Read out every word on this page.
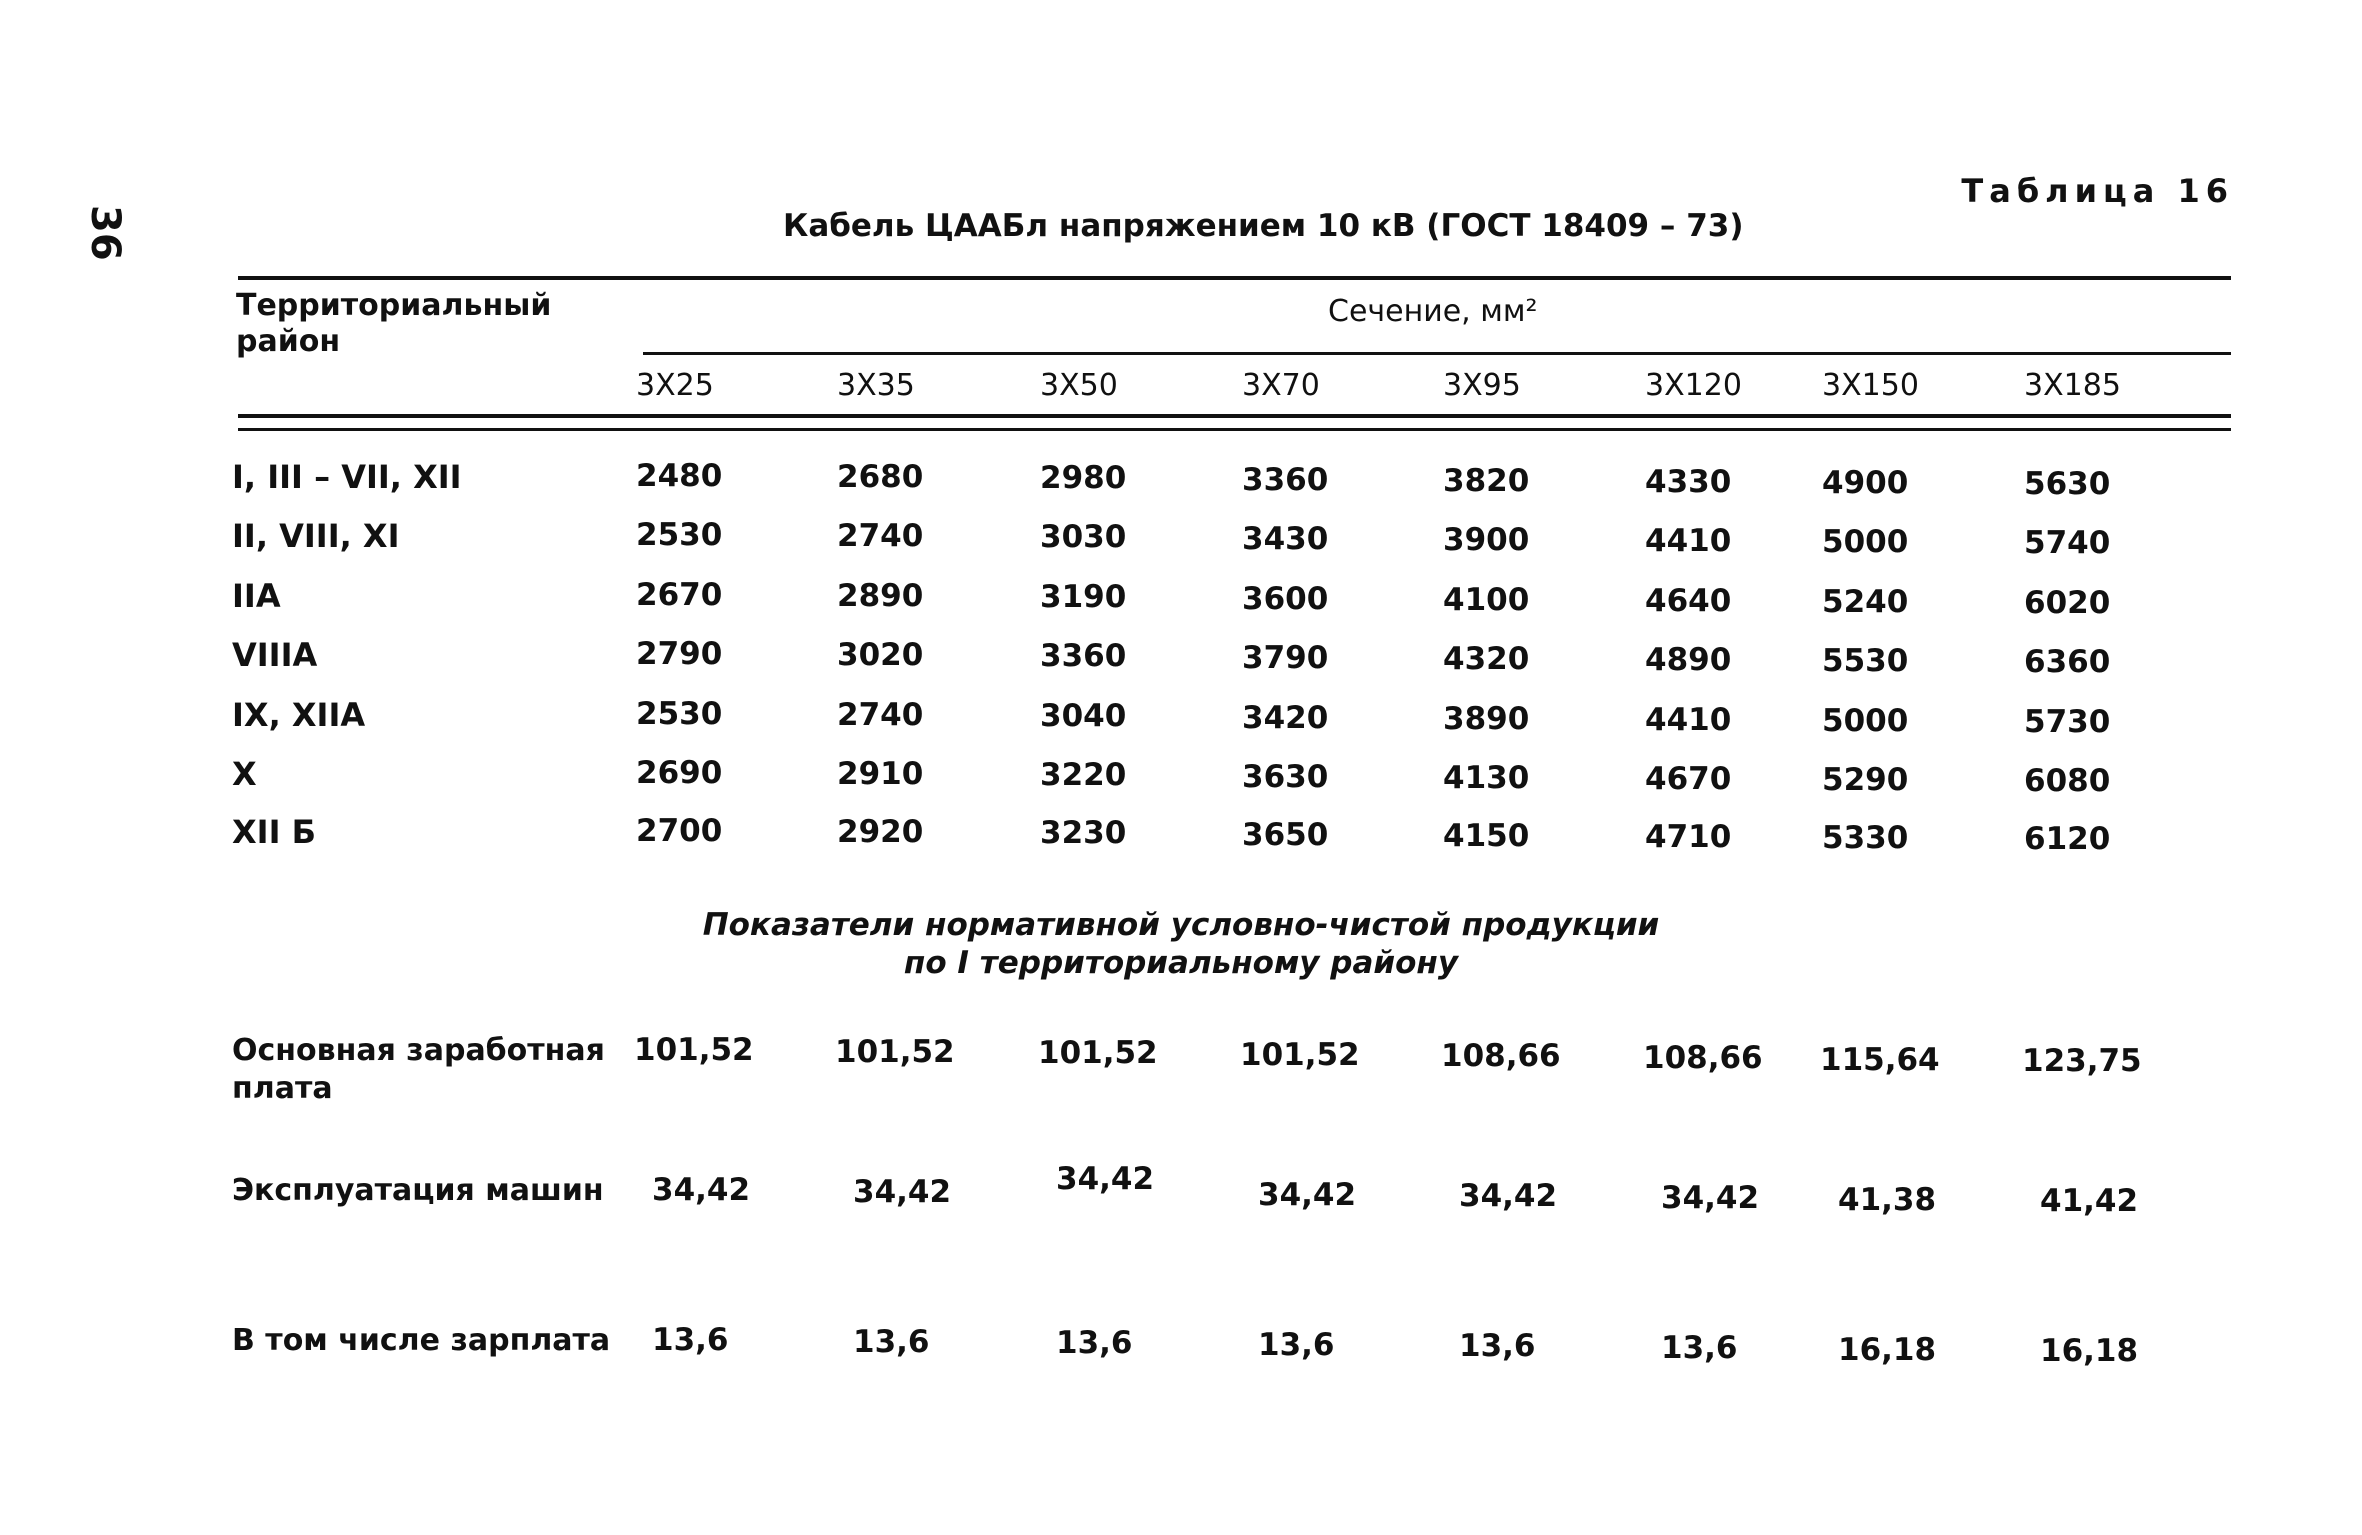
36
Таблица 16
Кабель ЦААБл напряжением 10 кВ (ГОСТ 18409 – 73)
Территориальный район
Сечение, мм²
3Х25	3Х35	3Х50	3Х70	3Х95	3Х120	3Х150	3Х185
I, III – VII, XII	2480	2680	2980	3360	3820	4330	4900	5630
II, VIII, XI	2530	2740	3030	3430	3900	4410	5000	5740
IIА	2670	2890	3190	3600	4100	4640	5240	6020
VIIIА	2790	3020	3360	3790	4320	4890	5530	6360
IX, XIIА	2530	2740	3040	3420	3890	4410	5000	5730
X	2690	2910	3220	3630	4130	4670	5290	6080
XII Б	2700	2920	3230	3650	4150	4710	5330	6120
Показатели нормативной условно-чистой продукции
по I территориальному району
Основная заработная
плата
101,52	101,52	101,52	101,52	108,66	108,66 115,64	123,75
Эксплуатация машин 34,42	34,42	34,42	34,42	34,42	34,42	41,38	41,42
В том числе зарплата 13,6	13,6	13,6	13,6	13,6	13,6	16,18	16,18
